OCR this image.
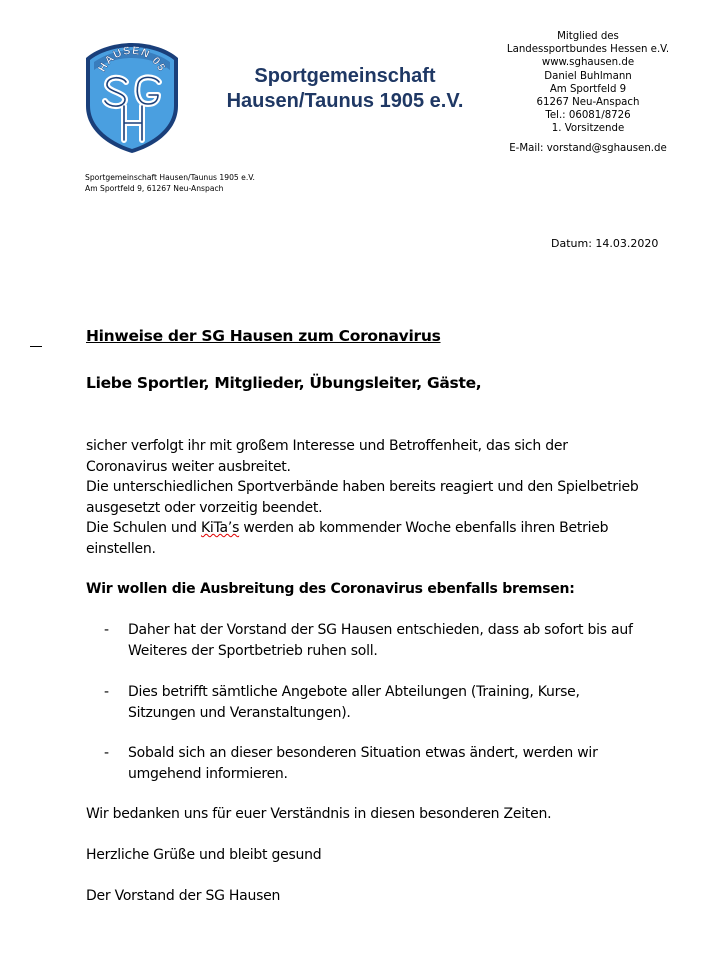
HAUSEN 05	Sportgemeinschaft
Hausen/Taunus 1905 e.V.
Mitglied des
Landessportbundes Hessen e.V.
www.sghausen.de
Daniel Buhlmann
Am Sportfeld 9
61267 Neu-Anspach
Tel.: 06081/8726
1. Vorsitzende
E-Mail: vorstand@sghausen.de
Sportgemeinschaft Hausen/Taunus 1905 e.V.
Am Sportfeld 9, 61267 Neu-Anspach
Datum: 14.03.2020
Hinweise der SG Hausen zum Coronavirus
Liebe Sportler, Mitglieder, Übungsleiter, Gäste,
sicher verfolgt ihr mit großem Interesse und Betroffenheit, das sich der
Coronavirus weiter ausbreitet.
Die unterschiedlichen Sportverbände haben bereits reagiert und den Spielbetrieb
ausgesetzt oder vorzeitig beendet.
Die Schulen und KiTa’s werden ab kommender Woche ebenfalls ihren Betrieb
einstellen.
Wir wollen die Ausbreitung des Coronavirus ebenfalls bremsen:
- Daher hat der Vorstand der SG Hausen entschieden, dass ab sofort bis auf
Weiteres der Sportbetrieb ruhen soll.
- Dies betrifft sämtliche Angebote aller Abteilungen (Training, Kurse,
Sitzungen und Veranstaltungen).
- Sobald sich an dieser besonderen Situation etwas ändert, werden wir
umgehend informieren.
Wir bedanken uns für euer Verständnis in diesen besonderen Zeiten.
Herzliche Grüße und bleibt gesund
Der Vorstand der SG Hausen
